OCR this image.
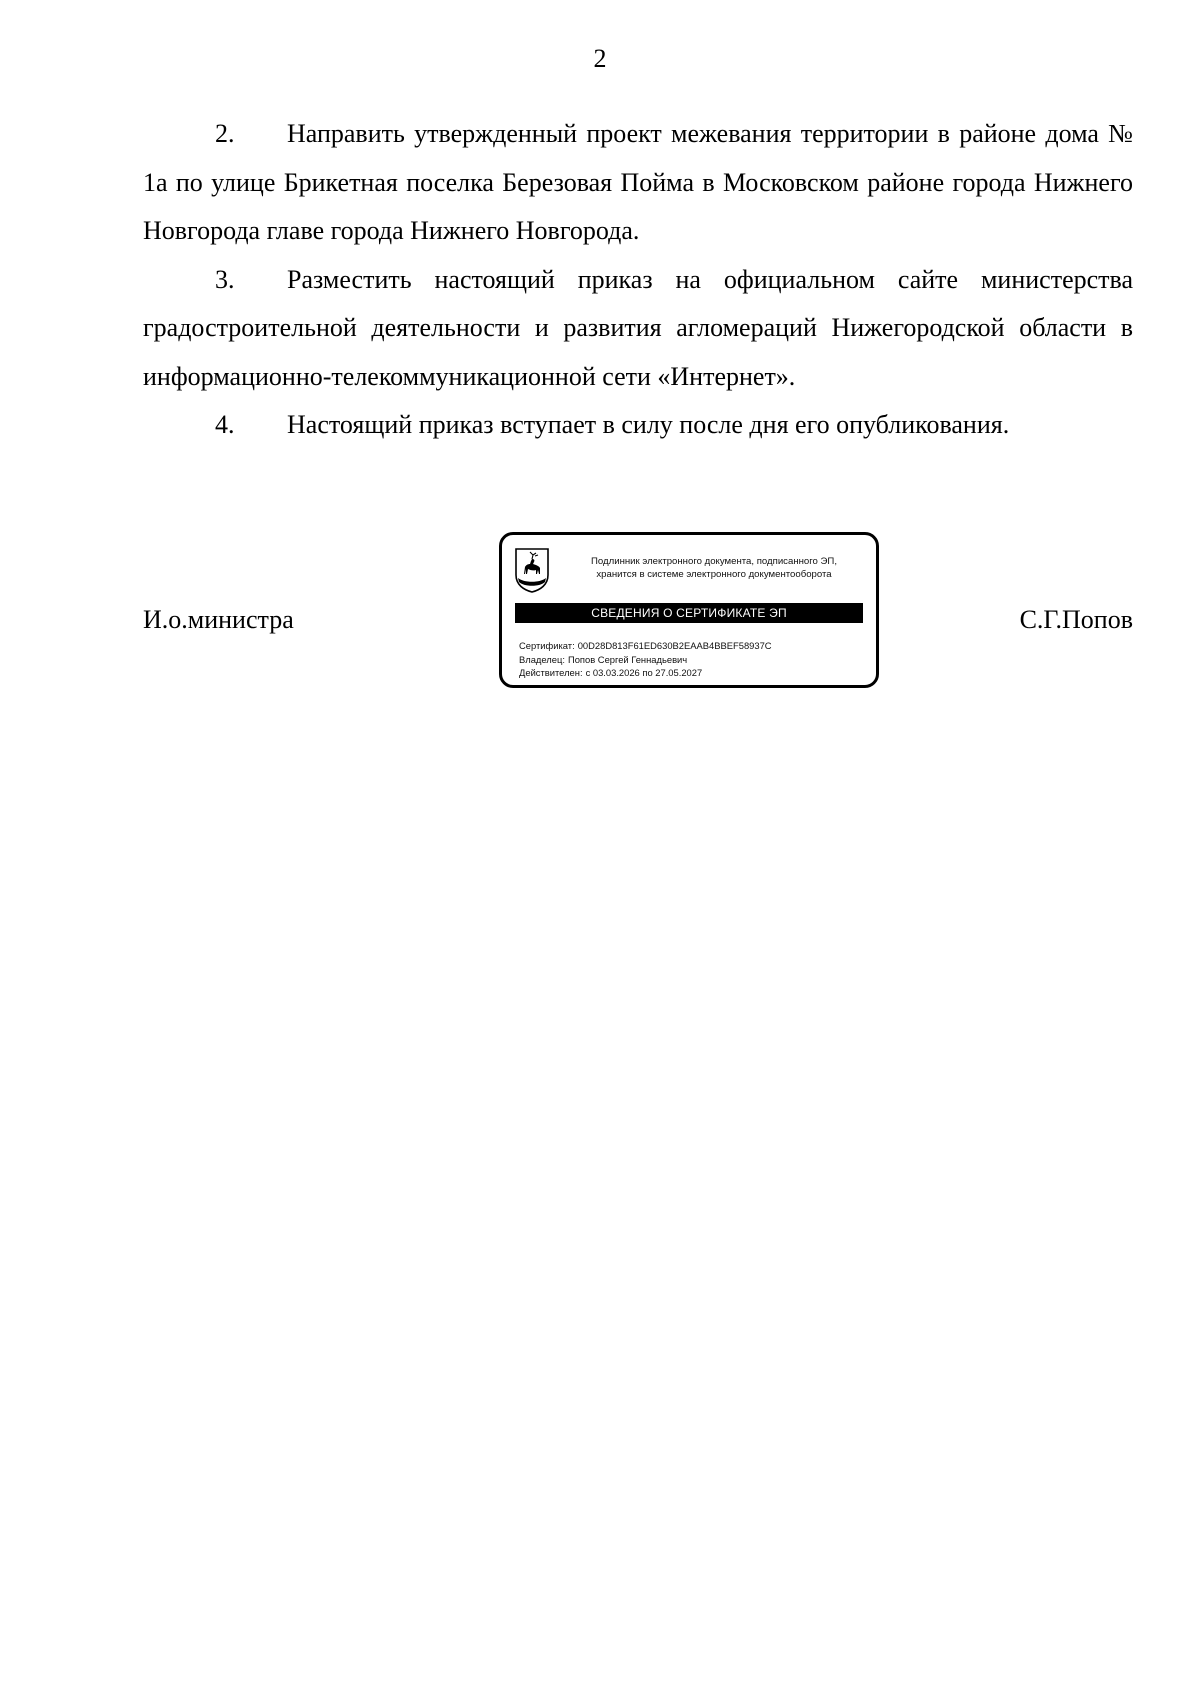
2

2. Направить утвержденный проект межевания территории в районе дома № 1а по улице Брикетная поселка Березовая Пойма в Московском районе города Нижнего Новгорода главе города Нижнего Новгорода.

3. Разместить настоящий приказ на официальном сайте министерства градостроительной деятельности и развития агломераций Нижегородской области в информационно-телекоммуникационной сети «Интернет».

4. Настоящий приказ вступает в силу после дня его опубликования.

И.о.министра
Подлинник электронного документа, подписанного ЭП,
хранится в системе электронного документооборота
СВЕДЕНИЯ О СЕРТИФИКАТЕ ЭП
Сертификат: 00D28D813F61ED630B2EAAB4BBEF58937C
Владелец: Попов Сергей Геннадьевич
Действителен: с 03.03.2026 по 27.05.2027
С.Г.Попов
